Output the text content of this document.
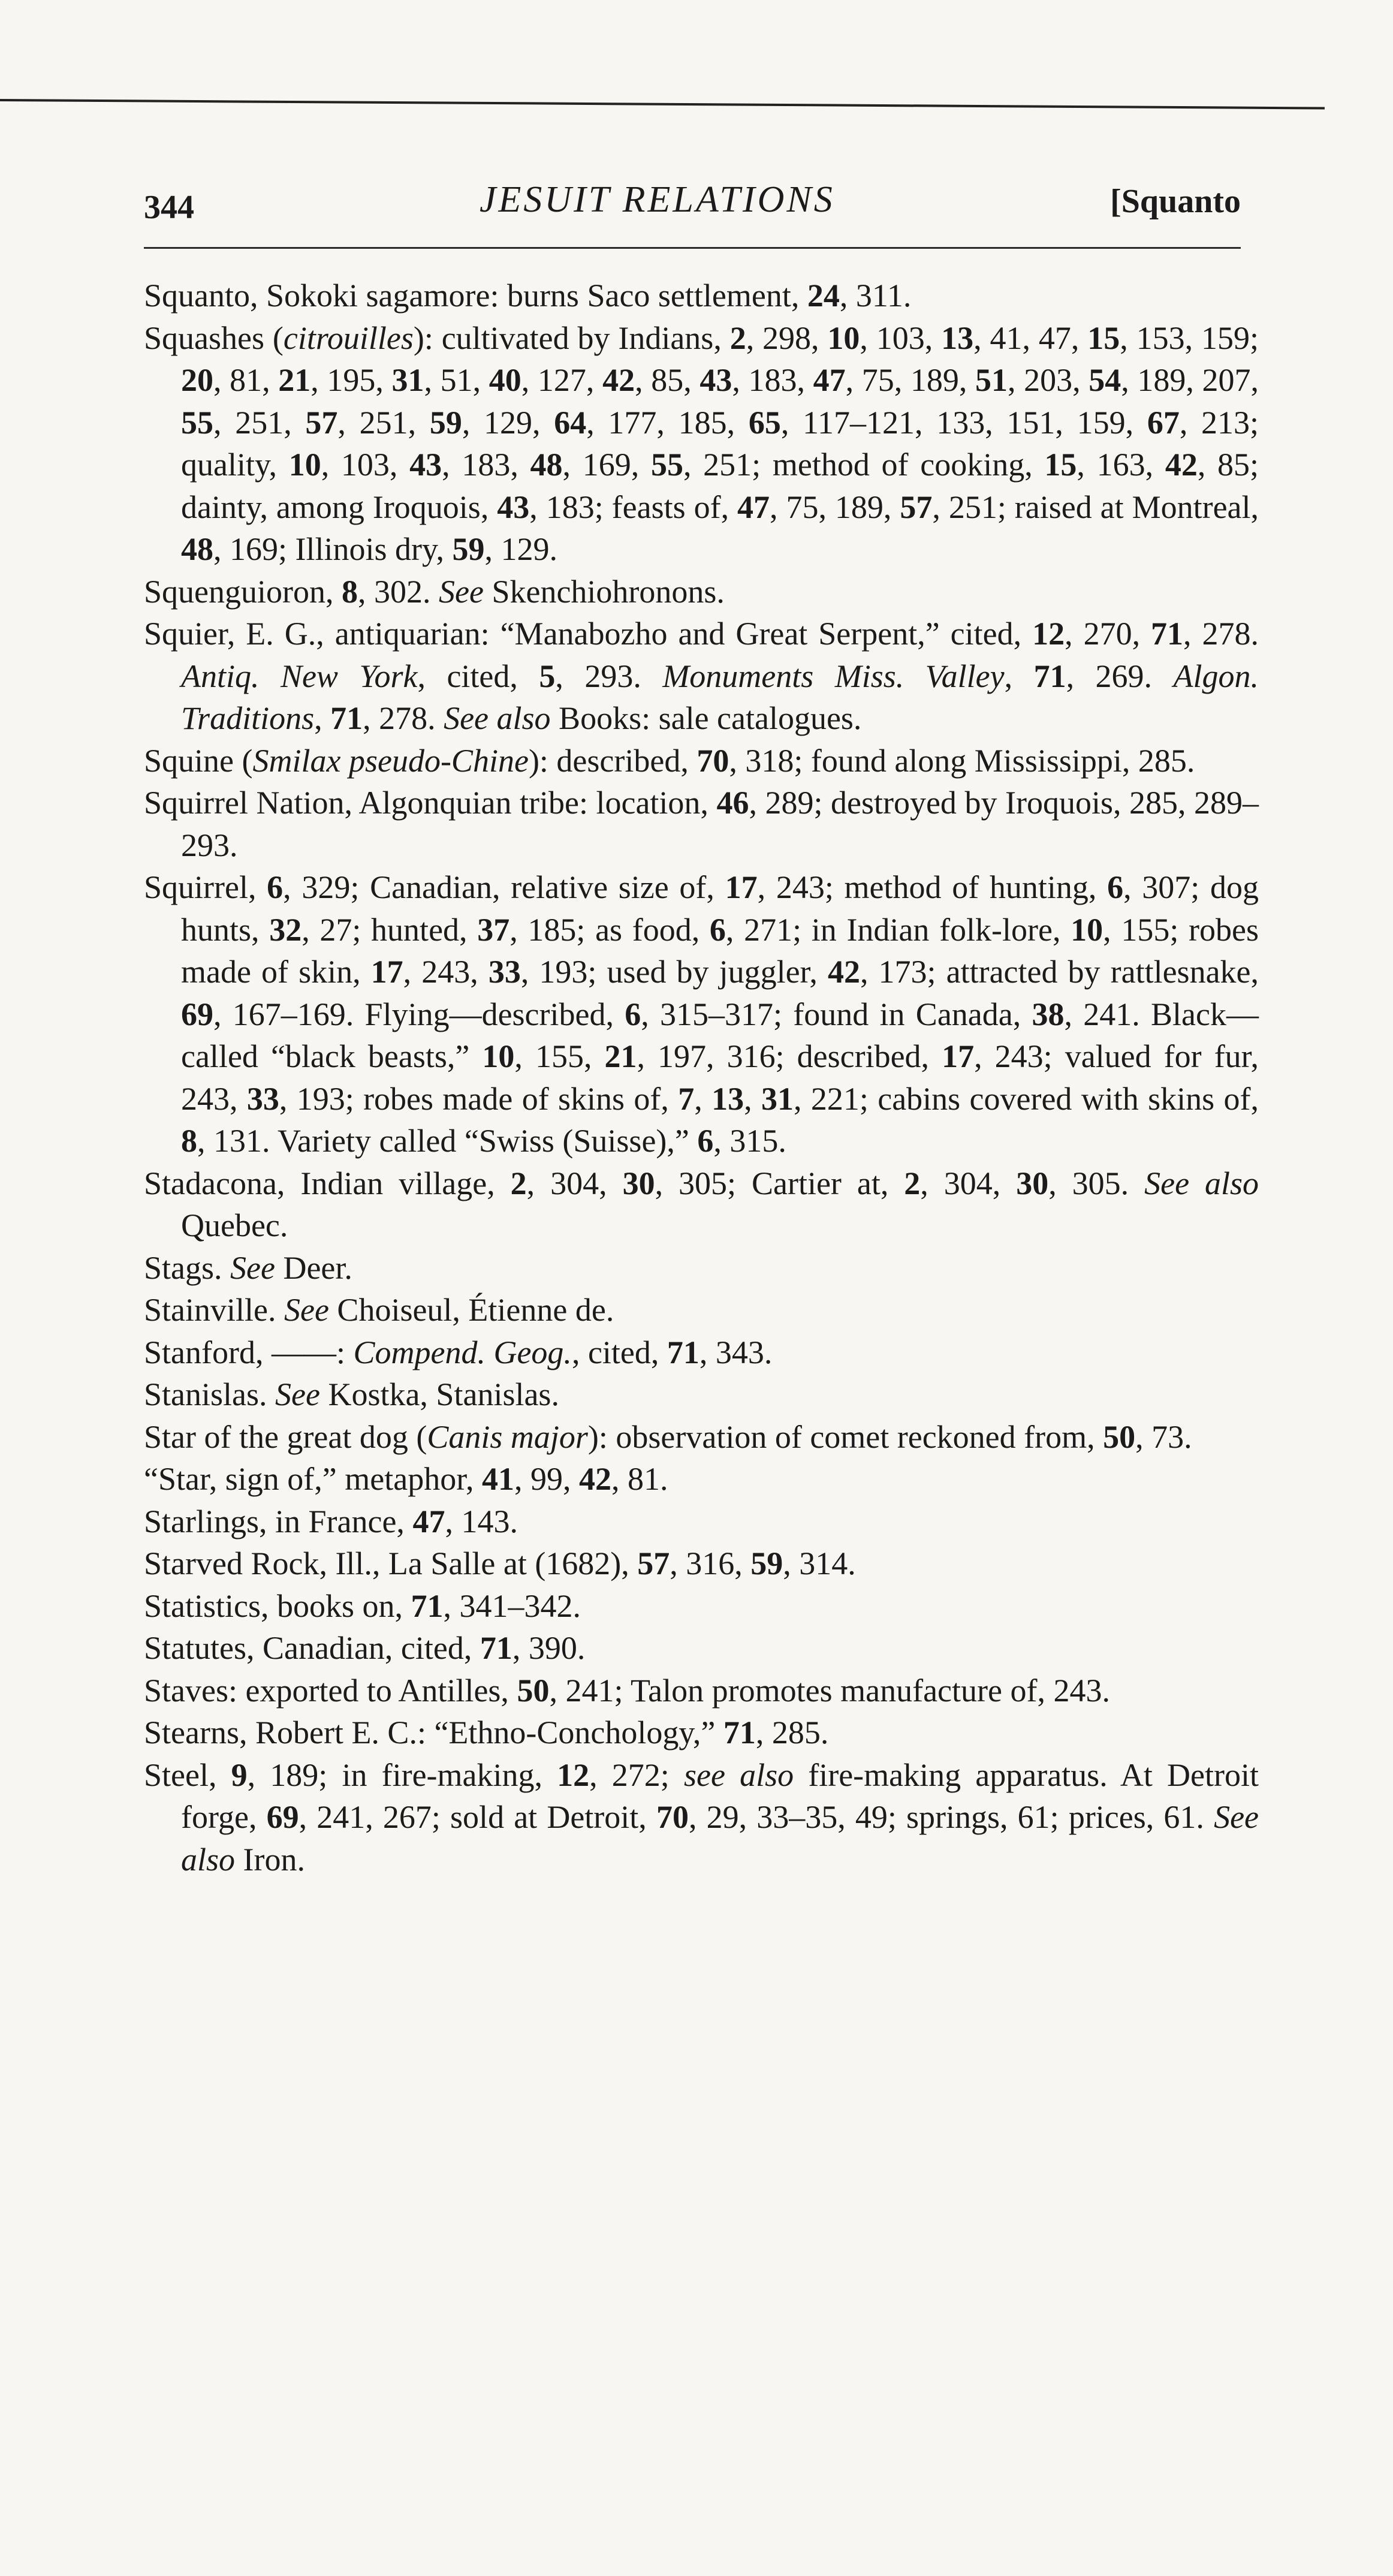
344	JESUIT RELATIONS	[Squanto
Squanto, Sokoki sagamore: burns Saco settlement, 24, 311.
Squashes (citrouilles): cultivated by Indians, 2, 298, 10, 103, 13, 41, 47, 15, 153, 159; 20, 81, 21, 195, 31, 51, 40, 127, 42, 85, 43, 183, 47, 75, 189, 51, 203, 54, 189, 207, 55, 251, 57, 251, 59, 129, 64, 177, 185, 65, 117–121, 133, 151, 159, 67, 213; quality, 10, 103, 43, 183, 48, 169, 55, 251; method of cooking, 15, 163, 42, 85; dainty, among Iroquois, 43, 183; feasts of, 47, 75, 189, 57, 251; raised at Montreal, 48, 169; Illinois dry, 59, 129.
Squenguioron, 8, 302. See Skenchiohronons.
Squier, E. G., antiquarian: “Manabozho and Great Serpent,” cited, 12, 270, 71, 278. Antiq. New York, cited, 5, 293. Monuments Miss. Valley, 71, 269. Algon. Traditions, 71, 278. See also Books: sale catalogues.
Squine (Smilax pseudo-Chine): described, 70, 318; found along Mississippi, 285.
Squirrel Nation, Algonquian tribe: location, 46, 289; destroyed by Iroquois, 285, 289–293.
Squirrel, 6, 329; Canadian, relative size of, 17, 243; method of hunting, 6, 307; dog hunts, 32, 27; hunted, 37, 185; as food, 6, 271; in Indian folk-lore, 10, 155; robes made of skin, 17, 243, 33, 193; used by juggler, 42, 173; attracted by rattlesnake, 69, 167–169. Flying—described, 6, 315–317; found in Canada, 38, 241. Black—called “black beasts,” 10, 155, 21, 197, 316; described, 17, 243; valued for fur, 243, 33, 193; robes made of skins of, 7, 13, 31, 221; cabins covered with skins of, 8, 131. Variety called “Swiss (Suisse),” 6, 315.
Stadacona, Indian village, 2, 304, 30, 305; Cartier at, 2, 304, 30, 305. See also Quebec.
Stags. See Deer.
Stainville. See Choiseul, Étienne de.
Stanford, ——: Compend. Geog., cited, 71, 343.
Stanislas. See Kostka, Stanislas.
Star of the great dog (Canis major): observation of comet reckoned from, 50, 73.
“Star, sign of,” metaphor, 41, 99, 42, 81.
Starlings, in France, 47, 143.
Starved Rock, Ill., La Salle at (1682), 57, 316, 59, 314.
Statistics, books on, 71, 341–342.
Statutes, Canadian, cited, 71, 390.
Staves: exported to Antilles, 50, 241; Talon promotes manufacture of, 243.
Stearns, Robert E. C.: “Ethno-Conchology,” 71, 285.
Steel, 9, 189; in fire-making, 12, 272; see also fire-making apparatus. At Detroit forge, 69, 241, 267; sold at Detroit, 70, 29, 33–35, 49; springs, 61; prices, 61. See also Iron.
